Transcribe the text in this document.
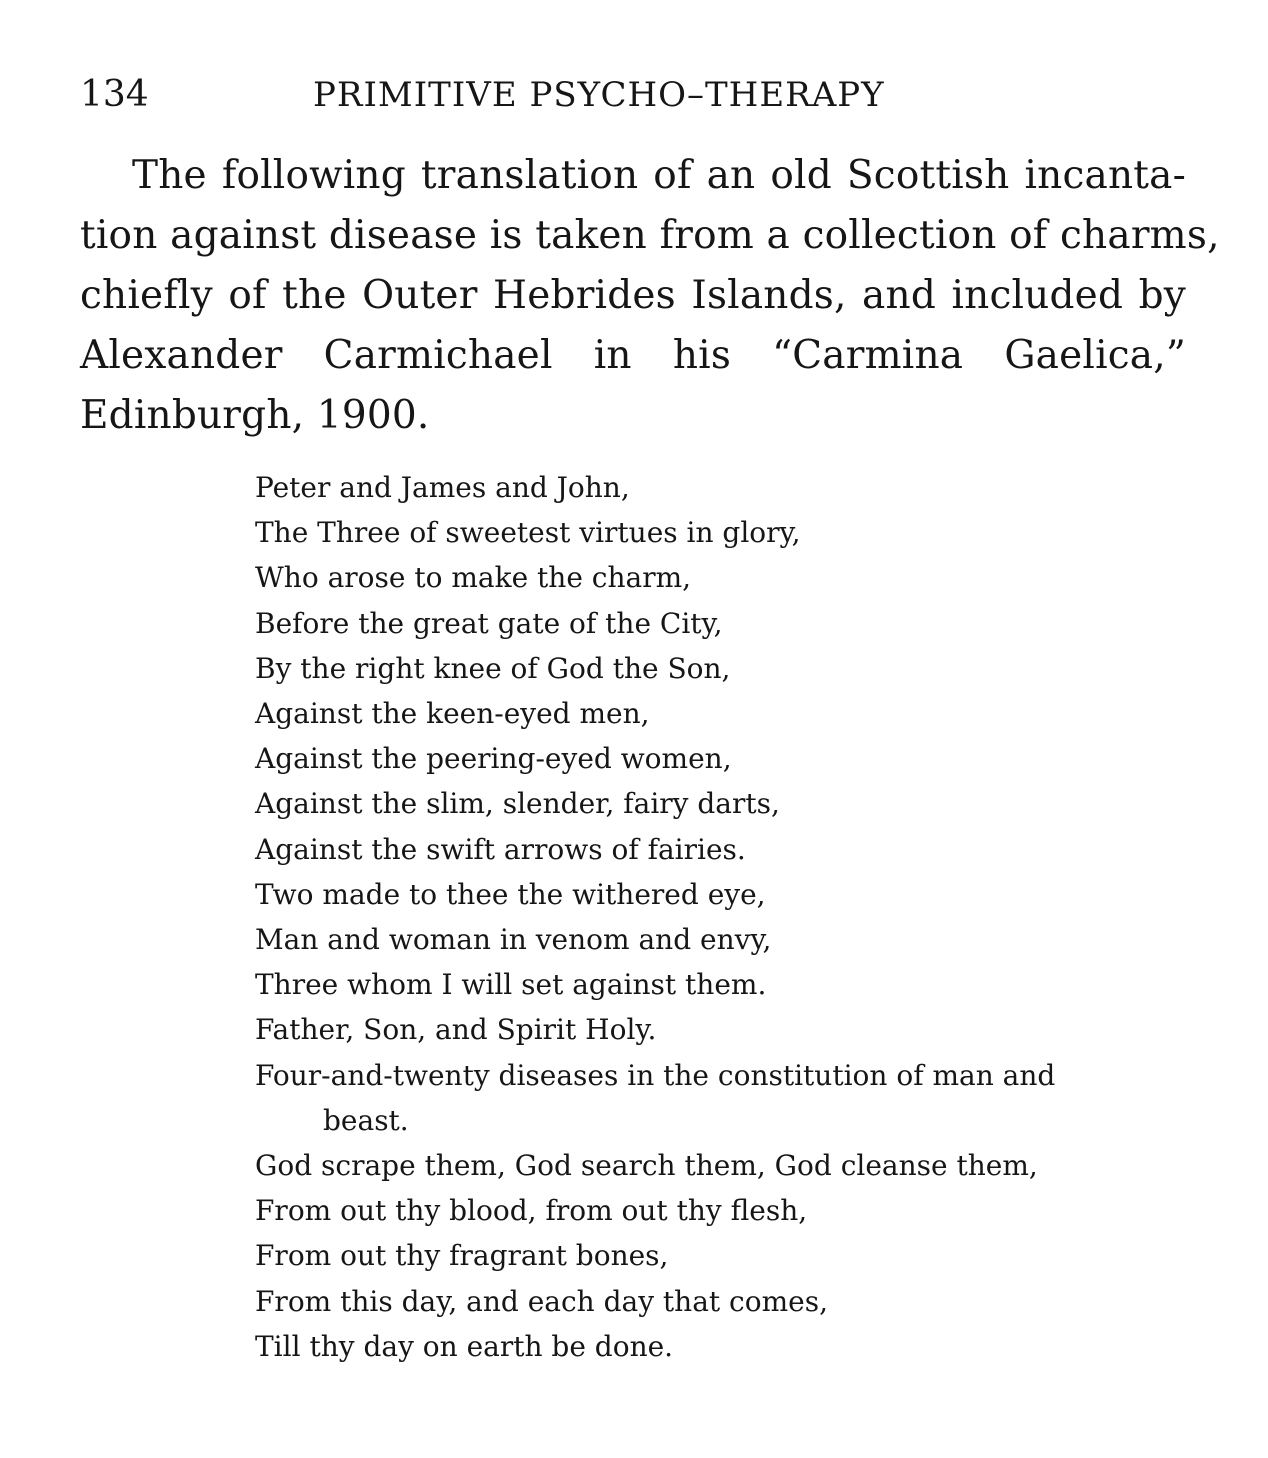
134	PRIMITIVE PSYCHO–THERAPY

The following translation of an old Scottish incanta-
tion against disease is taken from a collection of charms,
chiefly of the Outer Hebrides Islands, and included by
Alexander Carmichael in his “Carmina Gaelica,”
Edinburgh, 1900.

Peter and James and John,
The Three of sweetest virtues in glory,
Who arose to make the charm,
Before the great gate of the City,
By the right knee of God the Son,
Against the keen-eyed men,
Against the peering-eyed women,
Against the slim, slender, fairy darts,
Against the swift arrows of fairies.
Two made to thee the withered eye,
Man and woman in venom and envy,
Three whom I will set against them.
Father, Son, and Spirit Holy.
Four-and-twenty diseases in the constitution of man and
beast.
God scrape them, God search them, God cleanse them,
From out thy blood, from out thy flesh,
From out thy fragrant bones,
From this day, and each day that comes,
Till thy day on earth be done.
